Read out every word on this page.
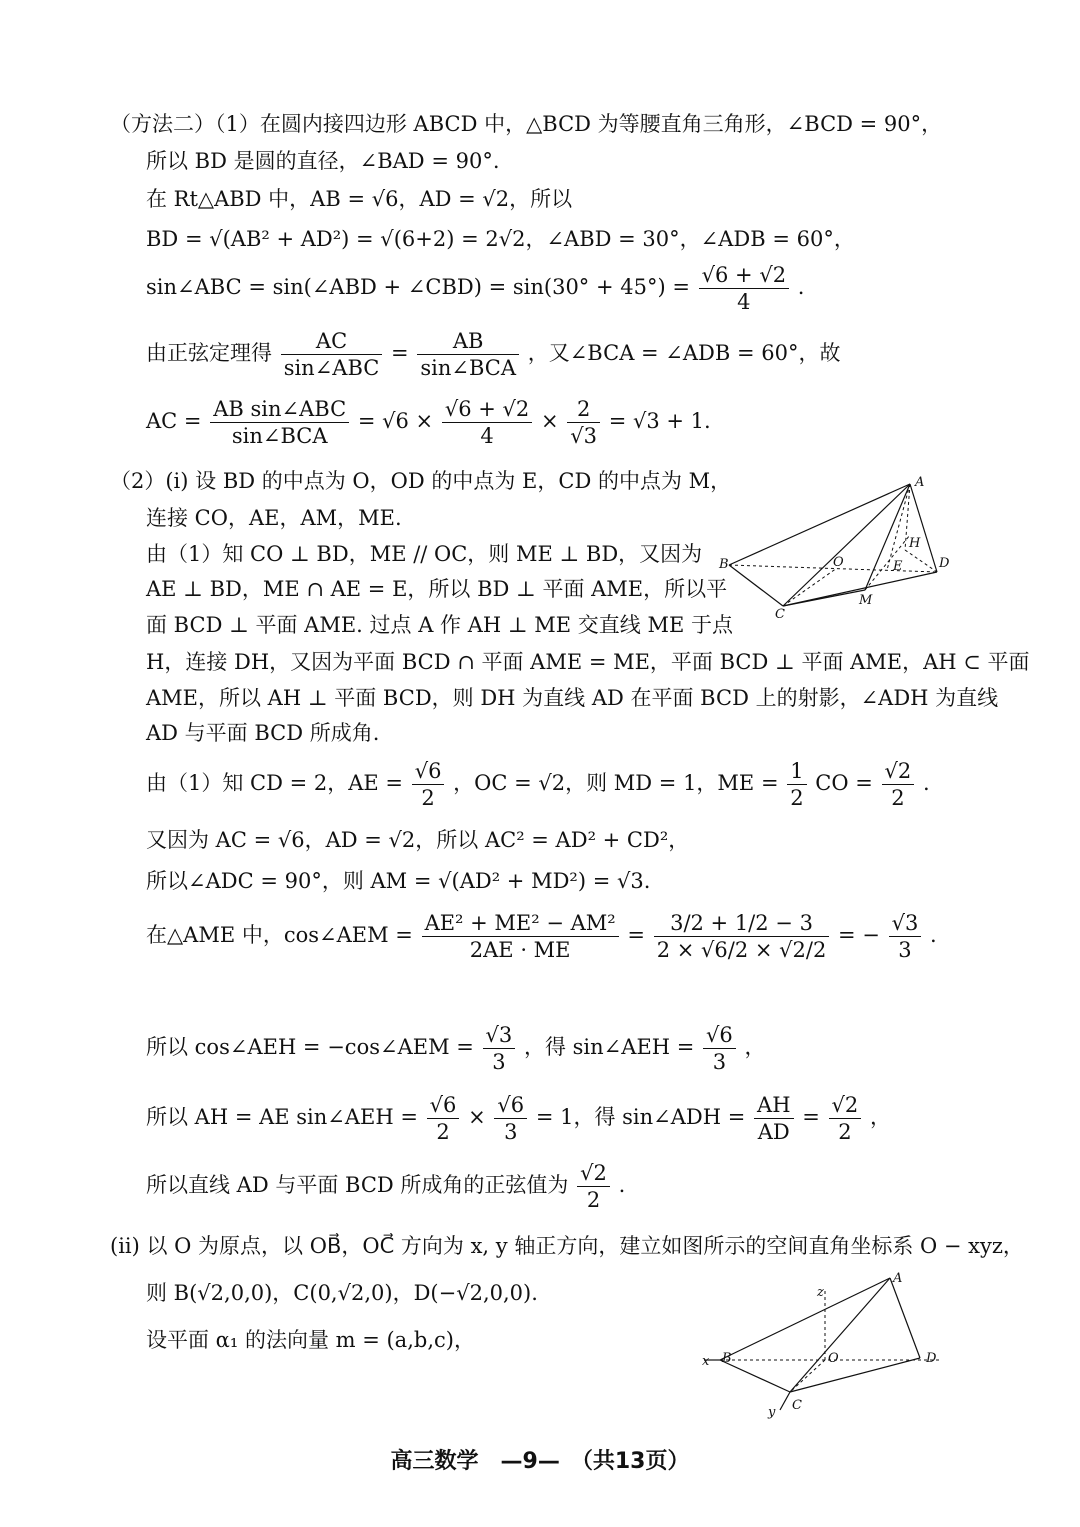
（方法二）（1）在圆内接四边形 ABCD 中，△BCD 为等腰直角三角形，∠BCD = 90°，
所以 BD 是圆的直径，∠BAD = 90°.
在 Rt△ABD 中，AB = √6，AD = √2，所以
BD = √(AB² + AD²) = √(6+2) = 2√2，∠ABD = 30°，∠ADB = 60°，
sin∠ABC = sin(∠ABD + ∠CBD) = $\sin(30^\circ + 45^\circ) = \frac{√6 + √2}{4}$ .
由正弦定理得 $\frac{AC}{\text{sin∠ABC}} = \frac{AB}{\text{sin∠BCA}}$ ，又∠BCA = ∠ADB = 60°，故
AC = $\frac{\text{AB sin∠ABC}}{\text{sin∠BCA}} = √6 \times \frac{√6 + √2}{4} \times \frac{2}{√3} = √3 + 1$.
（2）(i) 设 BD 的中点为 O，OD 的中点为 E，CD 的中点为 M，
连接 CO，AE，AM，ME.
由（1）知 CO ⊥ BD，ME // OC，则 ME ⊥ BD，又因为
AE ⊥ BD，ME ∩ AE = E，所以 BD ⊥ 平面 AME，所以平
面 BCD ⊥ 平面 AME. 过点 A 作 AH ⊥ ME 交直线 ME 于点
H，连接 DH，又因为平面 BCD ∩ 平面 AME = ME，平面 BCD ⊥ 平面 AME，AH ⊂ 平面
AME，所以 AH ⊥ 平面 BCD，则 DH 为直线 AD 在平面 BCD 上的射影，∠ADH 为直线
AD 与平面 BCD 所成角.
由（1）知 CD = 2，AE = $\frac{√6}{2}$ ，OC = √2，则 MD = 1，ME = $\frac{1}{2}$ CO = $\frac{√2}{2}$ .
又因为 AC = √6，AD = √2，所以 AC² = AD² + CD²，
所以∠ADC = 90°，则 AM = √(AD² + MD²) = √3.
在△AME 中，cos∠AEM = $\frac{\text{AE² + ME² − AM²}}{2AE \cdot ME} = \frac{3/2 + 1/2 - 3}{2 \times √6/2 \times √2/2}$ = − $\frac{√3}{3}$ .
所以 cos∠AEH = −cos∠AEM = $\frac{√3}{3}$ ，得 sin∠AEH = $\frac{√6}{3}$ ，
所以 AH = AE sin∠AEH = $\frac{√6}{2} \times \frac{√6}{3} = 1$，得 sin∠ADH = $\frac{AH}{AD} = \frac{√2}{2}$ ，
所以直线 AD 与平面 BCD 所成角的正弦值为 $\frac{√2}{2}$ .
(ii) 以 O 为原点，以 OB⃗，OC⃗ 方向为 x, y 轴正方向，建立如图所示的空间直角坐标系 O − xyz，
则 B(√2,0,0)，C(0,√2,0)，D(−√2,0,0).
设平面 α₁ 的法向量 m = (a,b,c)，
A
B
C
D
O	E
H
M
A
B
C
D
O
x
y
z
高三数学　—9—　（共13页）
